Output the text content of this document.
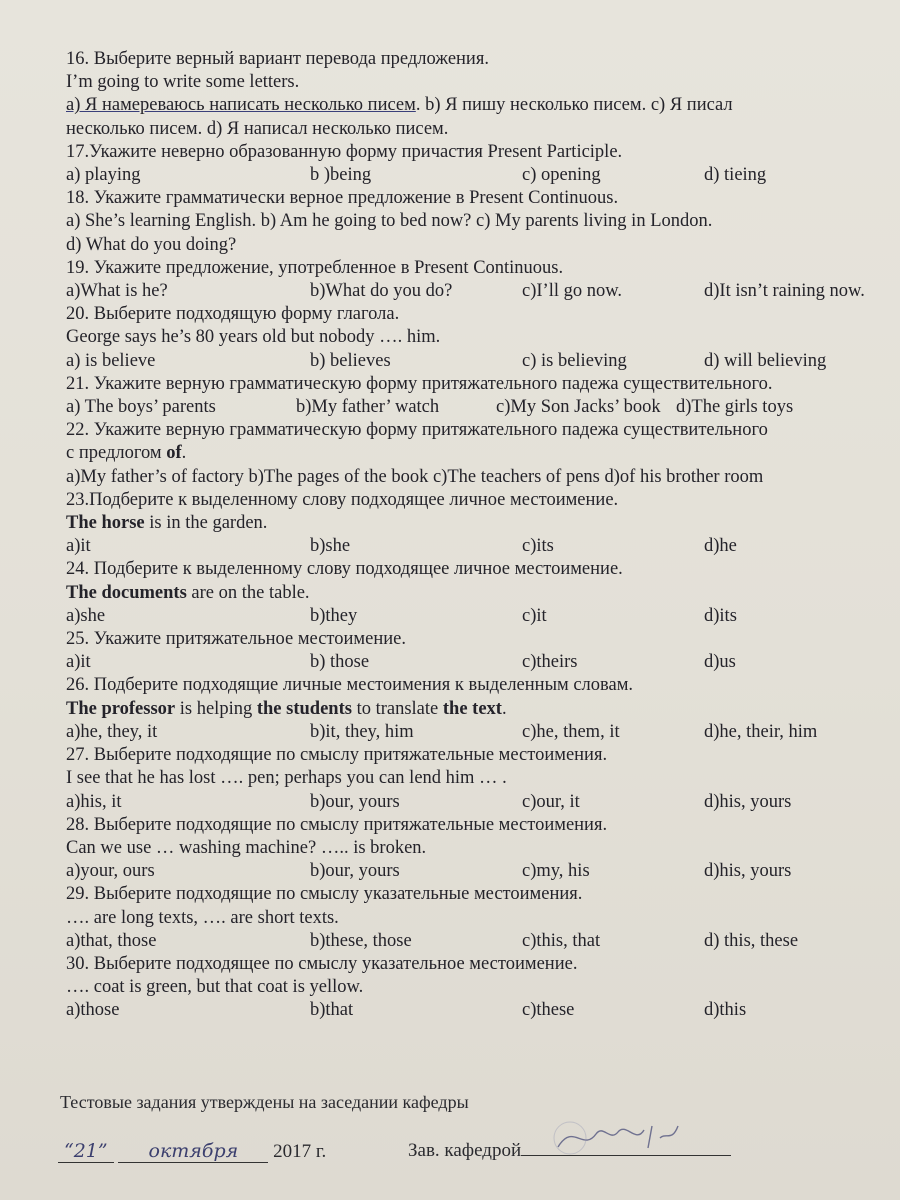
16. Выберите верный вариант перевода предложения.
I’m going to write some letters.
a) Я намереваюсь написать несколько писем. b) Я пишу несколько писем. c) Я писал
несколько писем. d) Я написал несколько писем.
17.Укажите неверно образованную форму причастия Present Participle.
a) playing	b )being	c) opening	d) tieing
18. Укажите грамматически верное предложение в Present Continuous.
a) She’s learning English. b) Am he going to bed now? c) My parents living in London.
d) What do you doing?
19. Укажите предложение, употребленное в Present Continuous.
a)What is he?	b)What do you do?	c)I’ll go now.	d)It isn’t raining now.
20. Выберите подходящую форму глагола.
George says he’s 80 years old but nobody …. him.
a) is believe	b) believes	c) is believing	d) will believing
21. Укажите верную грамматическую форму притяжательного падежа существительного.
a) The boys’ parents	b)My father’ watch	c)My Son Jacks’ book d)The girls toys
22. Укажите верную грамматическую форму притяжательного падежа существительного
с предлогом of.
a)My father’s of factory b)The pages of the book c)The teachers of pens d)of his brother room
23.Подберите к выделенному слову подходящее личное местоимение.
The horse is in the garden.
a)it	b)she	c)its	d)he
24. Подберите к выделенному слову подходящее личное местоимение.
The documents are on the table.
a)she	b)they	c)it	d)its
25. Укажите притяжательное местоимение.
a)it	b) those	c)theirs	d)us
26. Подберите подходящие личные местоимения к выделенным словам.
The professor is helping the students to translate the text.
a)he, they, it	b)it, they, him	c)he, them, it	d)he, their, him
27. Выберите подходящие по смыслу притяжательные местоимения.
I see that he has lost …. pen; perhaps you can lend him … .
a)his, it	b)our, yours	c)our, it	d)his, yours
28. Выберите подходящие по смыслу притяжательные местоимения.
Can we use … washing machine? ….. is broken.
a)your, ours	b)our, yours	c)my, his	d)his, yours
29. Выберите подходящие по смыслу указательные местоимения.
…. are long texts, …. are short texts.
a)that, those	b)these, those	c)this, that	d) this, these
30. Выберите подходящее по смыслу указательное местоимение.
…. coat is green, but that coat is yellow.
a)those	b)that	c)these	d)this
Тестовые задания утверждены на заседании кафедры
“21” октября 2017 г.	Зав. кафедрой
